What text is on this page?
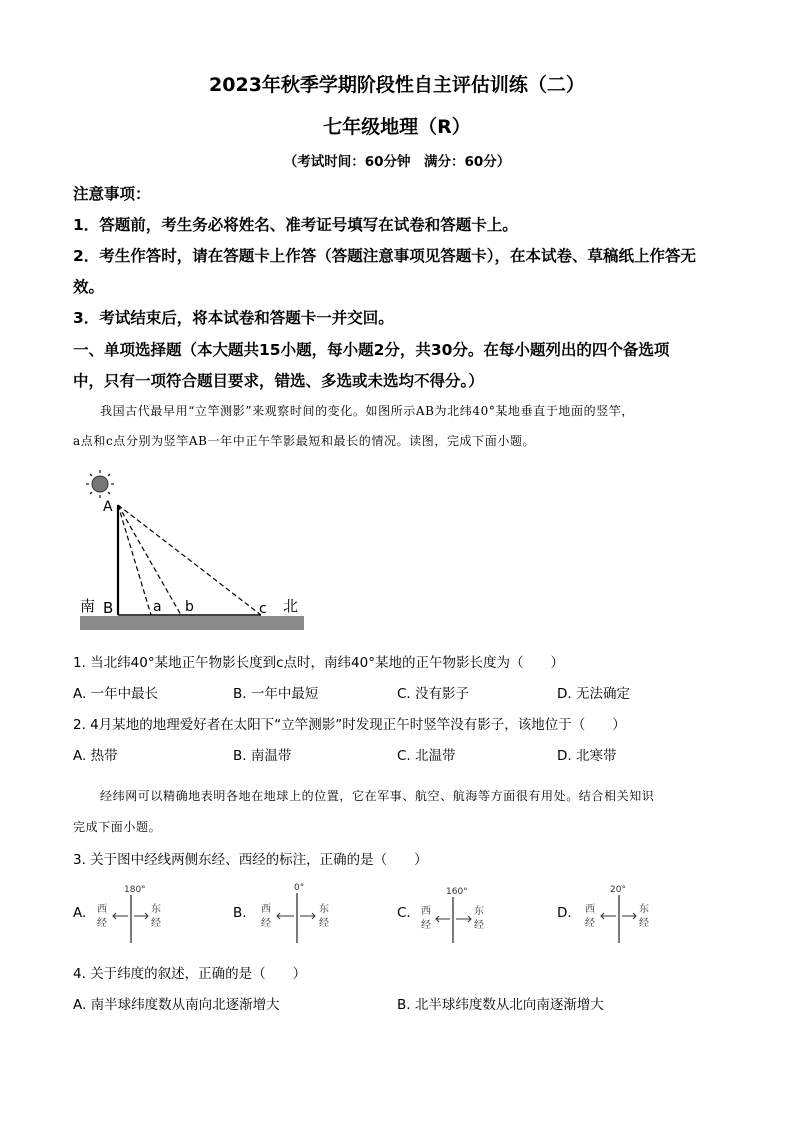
2023年秋季学期阶段性自主评估训练（二）
七年级地理（R）
（考试时间：60分钟　满分：60分）
注意事项：
1．答题前，考生务必将姓名、准考证号填写在试卷和答题卡上。
2．考生作答时，请在答题卡上作答（答题注意事项见答题卡），在本试卷、草稿纸上作答无
效。
3．考试结束后，将本试卷和答题卡一并交回。
一、单项选择题（本大题共15小题，每小题2分，共30分。在每小题列出的四个备选项
中，只有一项符合题目要求，错选、多选或未选均不得分。）
我国古代最早用“立竿测影”来观察时间的变化。如图所示AB为北纬40°某地垂直于地面的竖竿，
a点和c点分别为竖竿AB一年中正午竿影最短和最长的情况。读图，完成下面小题。
A
南 B	a b	c 北
1. 当北纬40°某地正午物影长度到c点时，南纬40°某地的正午物影长度为（　　）
A. 一年中最长	B. 一年中最短	C. 没有影子	D. 无法确定
2. 4月某地的地理爱好者在太阳下“立竿测影”时发现正午时竖竿没有影子，该地位于（　　）
A. 热带	B. 南温带	C. 北温带	D. 北寒带
经纬网可以精确地表明各地在地球上的位置，它在军事、航空、航海等方面很有用处。结合相关知识
完成下面小题。
3. 关于图中经线两侧东经、西经的标注，正确的是（　　）
A.	B.	C.	D.
180°
西
经
东
经
0°
西
经
东
经
160°
西
经
东
经
20°
西
经
东
经
4. 关于纬度的叙述，正确的是（　　）
A. 南半球纬度数从南向北逐渐增大	B. 北半球纬度数从北向南逐渐增大
